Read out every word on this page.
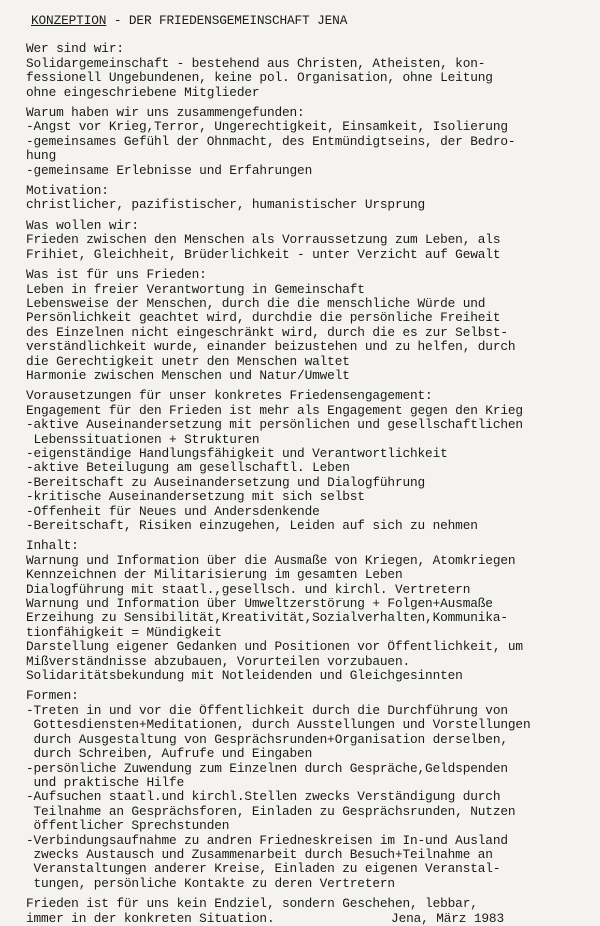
KONZEPTION - DER FRIEDENSGEMEINSCHAFT JENA
Wer sind wir:
Solidargemeinschaft - bestehend aus Christen, Atheisten, kon-
fessionell Ungebundenen, keine pol. Organisation, ohne Leitung
ohne eingeschriebene Mitglieder
Warum haben wir uns zusammengefunden:
-Angst vor Krieg,Terror, Ungerechtigkeit, Einsamkeit, Isolierung
-gemeinsames Gefühl der Ohnmacht, des Entmündigtseins, der Bedro-
hung
-gemeinsame Erlebnisse und Erfahrungen
Motivation:
christlicher, pazifistischer, humanistischer Ursprung
Was wollen wir:
Frieden zwischen den Menschen als Vorraussetzung zum Leben, als
Frihiet, Gleichheit, Brüderlichkeit - unter Verzicht auf Gewalt
Was ist für uns Frieden:
Leben in freier Verantwortung in Gemeinschaft
Lebensweise der Menschen, durch die die menschliche Würde und
Persönlichkeit geachtet wird, durchdie die persönliche Freiheit
des Einzelnen nicht eingeschränkt wird, durch die es zur Selbst-
verständlichkeit wurde, einander beizustehen und zu helfen, durch
die Gerechtigkeit unetr den Menschen waltet
Harmonie zwischen Menschen und Natur/Umwelt
Vorausetzungen für unser konkretes Friedensengagement:
Engagement für den Frieden ist mehr als Engagement gegen den Krieg
-aktive Auseinandersetzung mit persönlichen und gesellschaftlichen
Lebenssituationen + Strukturen
-eigenständige Handlungsfähigkeit und Verantwortlichkeit
-aktive Beteilugung am gesellschaftl. Leben
-Bereitschaft zu Auseinandersetzung und Dialogführung
-kritische Auseinandersetzung mit sich selbst
-Offenheit für Neues und Andersdenkende
-Bereitschaft, Risiken einzugehen, Leiden auf sich zu nehmen
Inhalt:
Warnung und Information über die Ausmaße von Kriegen, Atomkriegen
Kennzeichnen der Militarisierung im gesamten Leben
Dialogführung mit staatl.,gesellsch. und kirchl. Vertretern
Warnung und Information über Umweltzerstörung + Folgen+Ausmaße
Erzeihung zu Sensibilität,Kreativität,Sozialverhalten,Kommunika-
tionfähigkeit = Mündigkeit
Darstellung eigener Gedanken und Positionen vor Öffentlichkeit, um
Mißverständnisse abzubauen, Vorurteilen vorzubauen.
Solidaritätsbekundung mit Notleidenden und Gleichgesinnten
Formen:
-Treten in und vor die Öffentlichkeit durch die Durchführung von
Gottesdiensten+Meditationen, durch Ausstellungen und Vorstellungen
durch Ausgestaltung von Gesprächsrunden+Organisation derselben,
durch Schreiben, Aufrufe und Eingaben
-persönliche Zuwendung zum Einzelnen durch Gespräche,Geldspenden
und praktische Hilfe
-Aufsuchen staatl.und kirchl.Stellen zwecks Verständigung durch
Teilnahme an Gesprächsforen, Einladen zu Gesprächsrunden, Nutzen
öffentlicher Sprechstunden
-Verbindungsaufnahme zu andren Friedneskreisen im In-und Ausland
zwecks Austausch und Zusammenarbeit durch Besuch+Teilnahme an
Veranstaltungen anderer Kreise, Einladen zu eigenen Veranstal-
tungen, persönliche Kontakte zu deren Vertretern
Frieden ist für uns kein Endziel, sondern Geschehen, lebbar,
immer in der konkreten Situation.	Jena, März 1983
